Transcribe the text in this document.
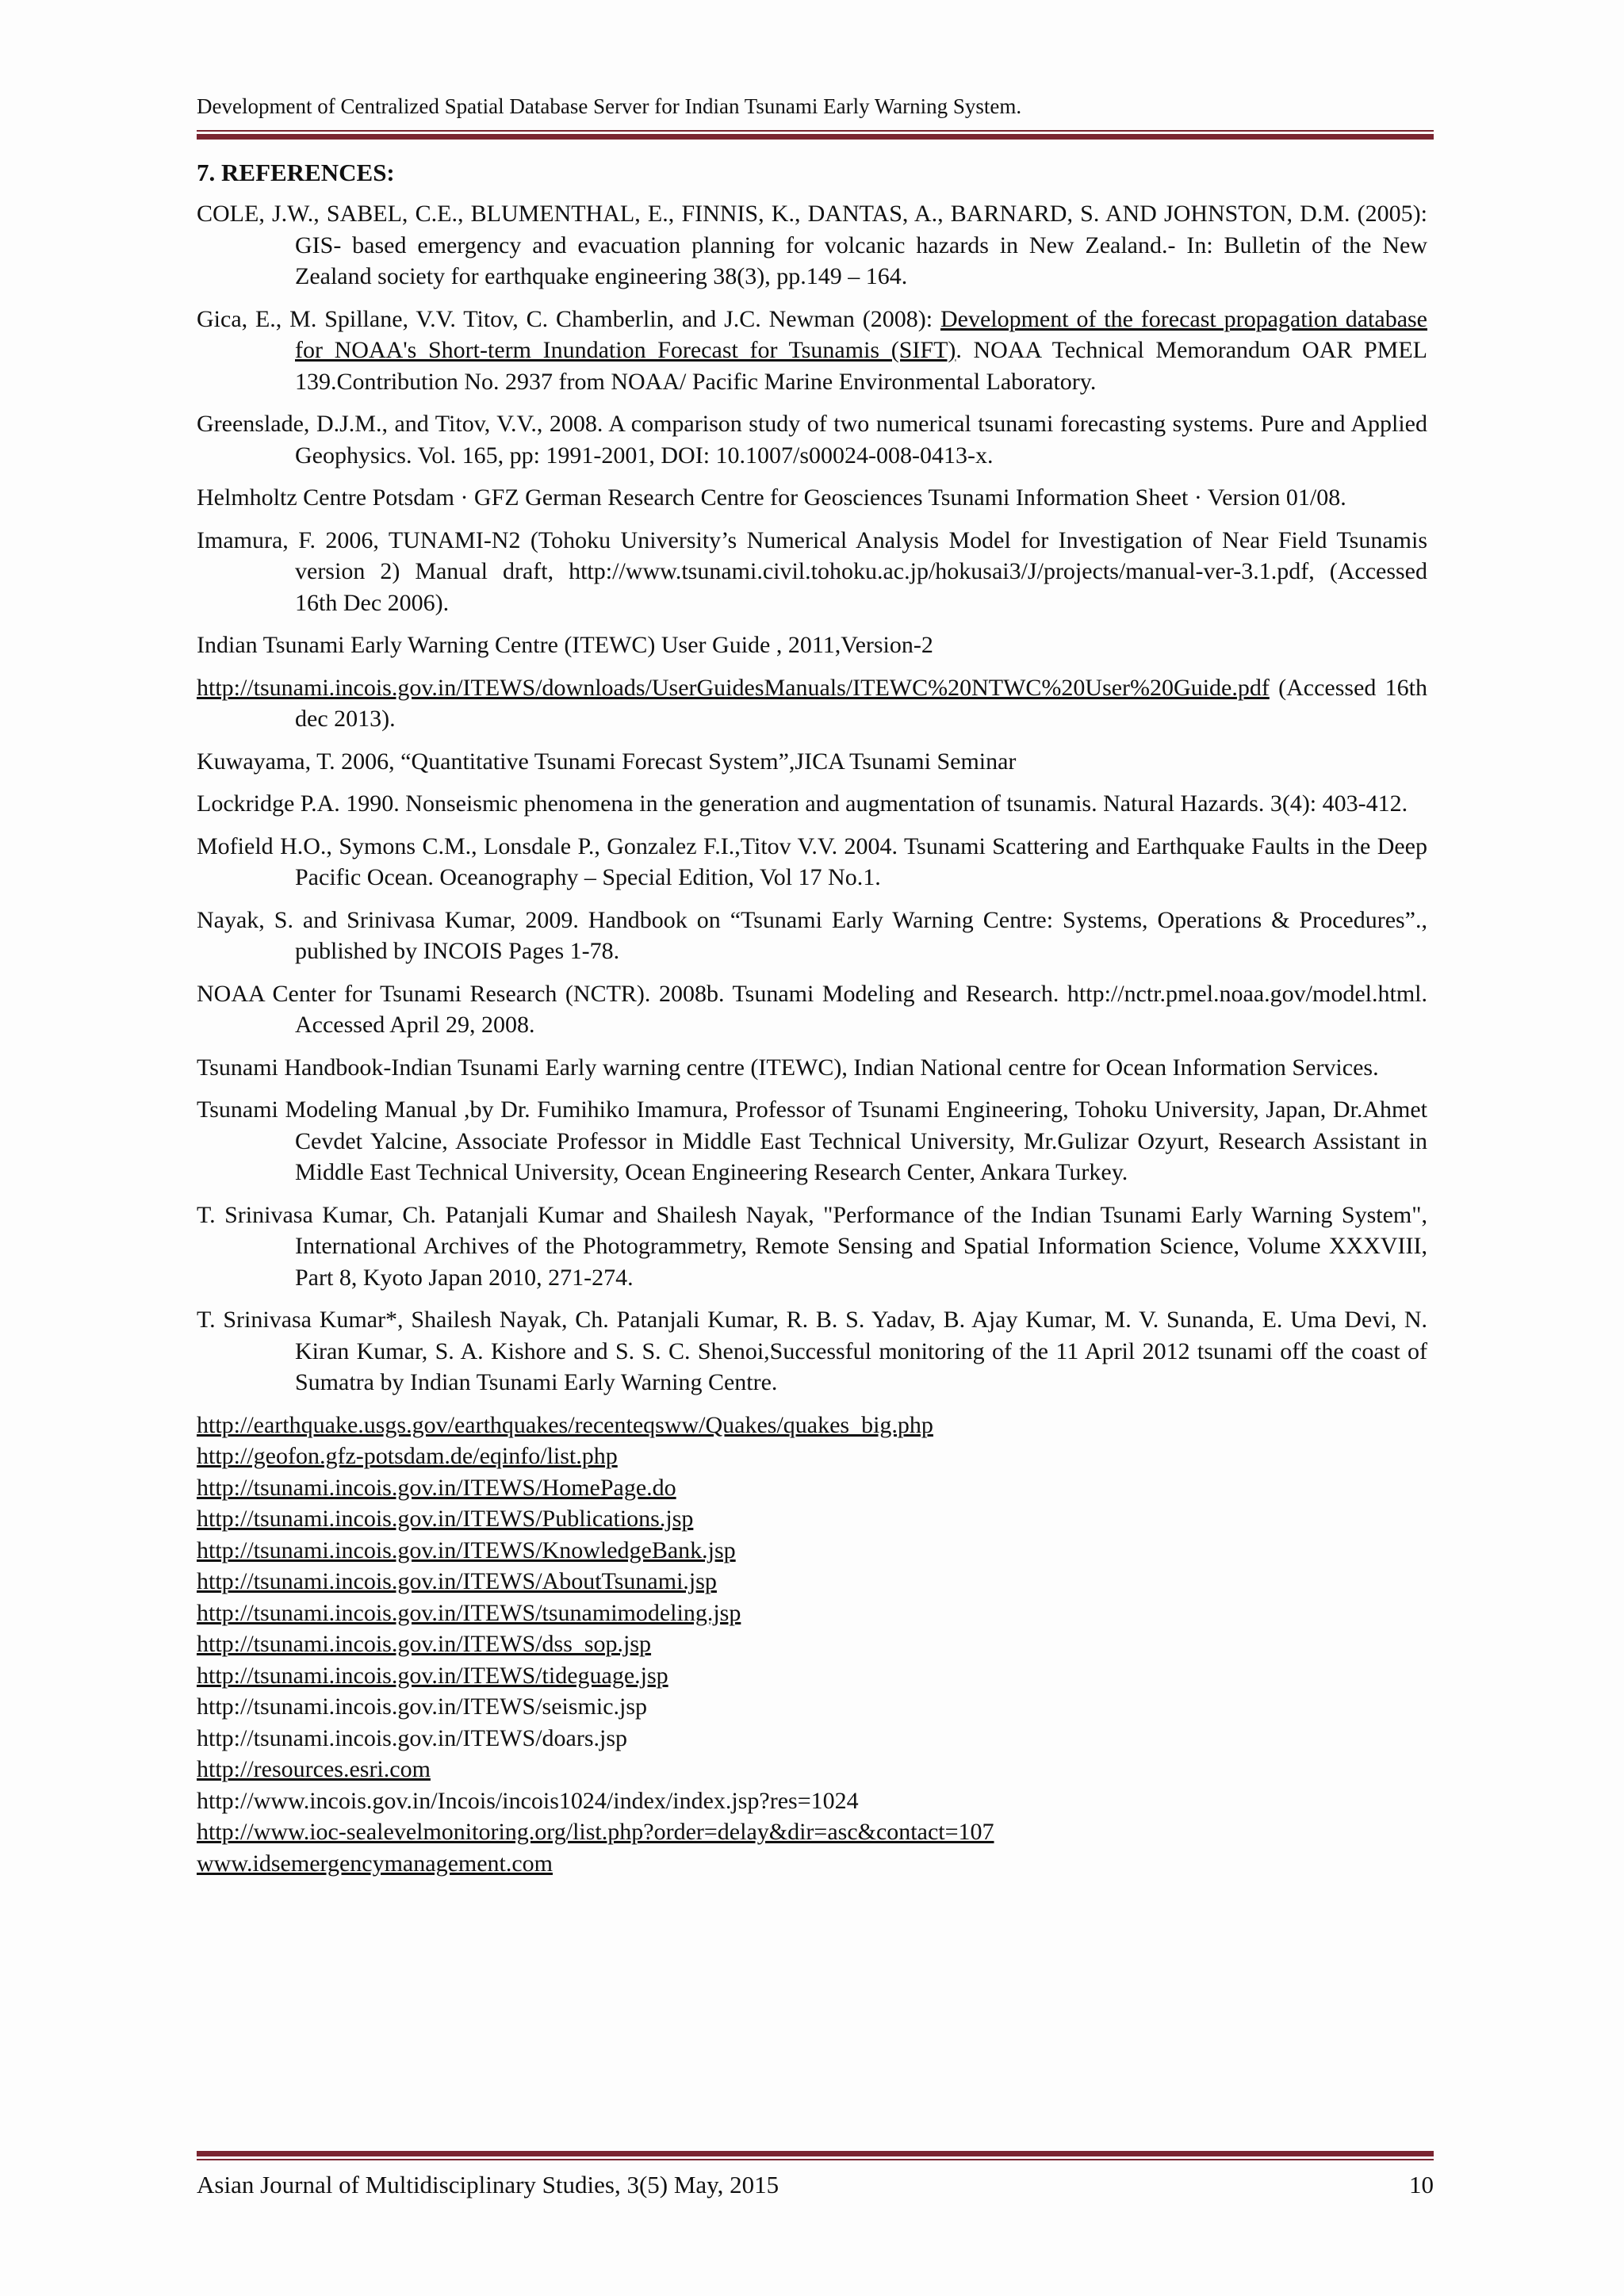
Development of Centralized Spatial Database Server for Indian Tsunami Early Warning System.
7. REFERENCES:
COLE, J.W., SABEL, C.E., BLUMENTHAL, E., FINNIS, K., DANTAS, A., BARNARD, S. AND JOHNSTON, D.M. (2005): GIS- based emergency and evacuation planning for volcanic hazards in New Zealand.- In: Bulletin of the New Zealand society for earthquake engineering 38(3), pp.149 – 164.
Gica, E., M. Spillane, V.V. Titov, C. Chamberlin, and J.C. Newman (2008): Development of the forecast propagation database for NOAA's Short-term Inundation Forecast for Tsunamis (SIFT). NOAA Technical Memorandum OAR PMEL 139.Contribution No. 2937 from NOAA/ Pacific Marine Environmental Laboratory.
Greenslade, D.J.M., and Titov, V.V., 2008. A comparison study of two numerical tsunami forecasting systems. Pure and Applied Geophysics. Vol. 165, pp: 1991-2001, DOI: 10.1007/s00024-008-0413-x.
Helmholtz Centre Potsdam · GFZ German Research Centre for Geosciences Tsunami Information Sheet · Version 01/08.
Imamura, F. 2006, TUNAMI-N2 (Tohoku University’s Numerical Analysis Model for Investigation of Near Field Tsunamis version 2) Manual draft, http://www.tsunami.civil.tohoku.ac.jp/hokusai3/J/projects/manual-ver-3.1.pdf, (Accessed 16th Dec 2006).
Indian Tsunami Early Warning Centre (ITEWC) User Guide , 2011,Version-2
http://tsunami.incois.gov.in/ITEWS/downloads/UserGuidesManuals/ITEWC%20NTWC%20User%20Guide.pdf (Accessed 16th dec 2013).
Kuwayama, T. 2006, “Quantitative Tsunami Forecast System”,JICA Tsunami Seminar
Lockridge P.A. 1990. Nonseismic phenomena in the generation and augmentation of tsunamis. Natural Hazards. 3(4): 403-412.
Mofield H.O., Symons C.M., Lonsdale P., Gonzalez F.I.,Titov V.V. 2004. Tsunami Scattering and Earthquake Faults in the Deep Pacific Ocean. Oceanography – Special Edition, Vol 17 No.1.
Nayak, S. and Srinivasa Kumar, 2009. Handbook on “Tsunami Early Warning Centre: Systems, Operations & Procedures”., published by INCOIS Pages 1-78.
NOAA Center for Tsunami Research (NCTR). 2008b. Tsunami Modeling and Research. http://nctr.pmel.noaa.gov/model.html. Accessed April 29, 2008.
Tsunami Handbook-Indian Tsunami Early warning centre (ITEWC), Indian National centre for Ocean Information Services.
Tsunami Modeling Manual ,by Dr. Fumihiko Imamura, Professor of Tsunami Engineering, Tohoku University, Japan, Dr.Ahmet Cevdet Yalcine, Associate Professor in Middle East Technical University, Mr.Gulizar Ozyurt, Research Assistant in Middle East Technical University, Ocean Engineering Research Center, Ankara Turkey.
T. Srinivasa Kumar, Ch. Patanjali Kumar and Shailesh Nayak, "Performance of the Indian Tsunami Early Warning System", International Archives of the Photogrammetry, Remote Sensing and Spatial Information Science, Volume XXXVIII, Part 8, Kyoto Japan 2010, 271-274.
T. Srinivasa Kumar*, Shailesh Nayak, Ch. Patanjali Kumar, R. B. S. Yadav, B. Ajay Kumar, M. V. Sunanda, E. Uma Devi, N. Kiran Kumar, S. A. Kishore and S. S. C. Shenoi,Successful monitoring of the 11 April 2012 tsunami off the coast of Sumatra by Indian Tsunami Early Warning Centre.
http://earthquake.usgs.gov/earthquakes/recenteqsww/Quakes/quakes_big.php
http://geofon.gfz-potsdam.de/eqinfo/list.php
http://tsunami.incois.gov.in/ITEWS/HomePage.do
http://tsunami.incois.gov.in/ITEWS/Publications.jsp
http://tsunami.incois.gov.in/ITEWS/KnowledgeBank.jsp
http://tsunami.incois.gov.in/ITEWS/AboutTsunami.jsp
http://tsunami.incois.gov.in/ITEWS/tsunamimodeling.jsp
http://tsunami.incois.gov.in/ITEWS/dss_sop.jsp
http://tsunami.incois.gov.in/ITEWS/tideguage.jsp
http://tsunami.incois.gov.in/ITEWS/seismic.jsp
http://tsunami.incois.gov.in/ITEWS/doars.jsp
http://resources.esri.com
http://www.incois.gov.in/Incois/incois1024/index/index.jsp?res=1024
http://www.ioc-sealevelmonitoring.org/list.php?order=delay&dir=asc&contact=107
www.idsemergencymanagement.com
Asian Journal of Multidisciplinary Studies, 3(5) May, 2015	10
